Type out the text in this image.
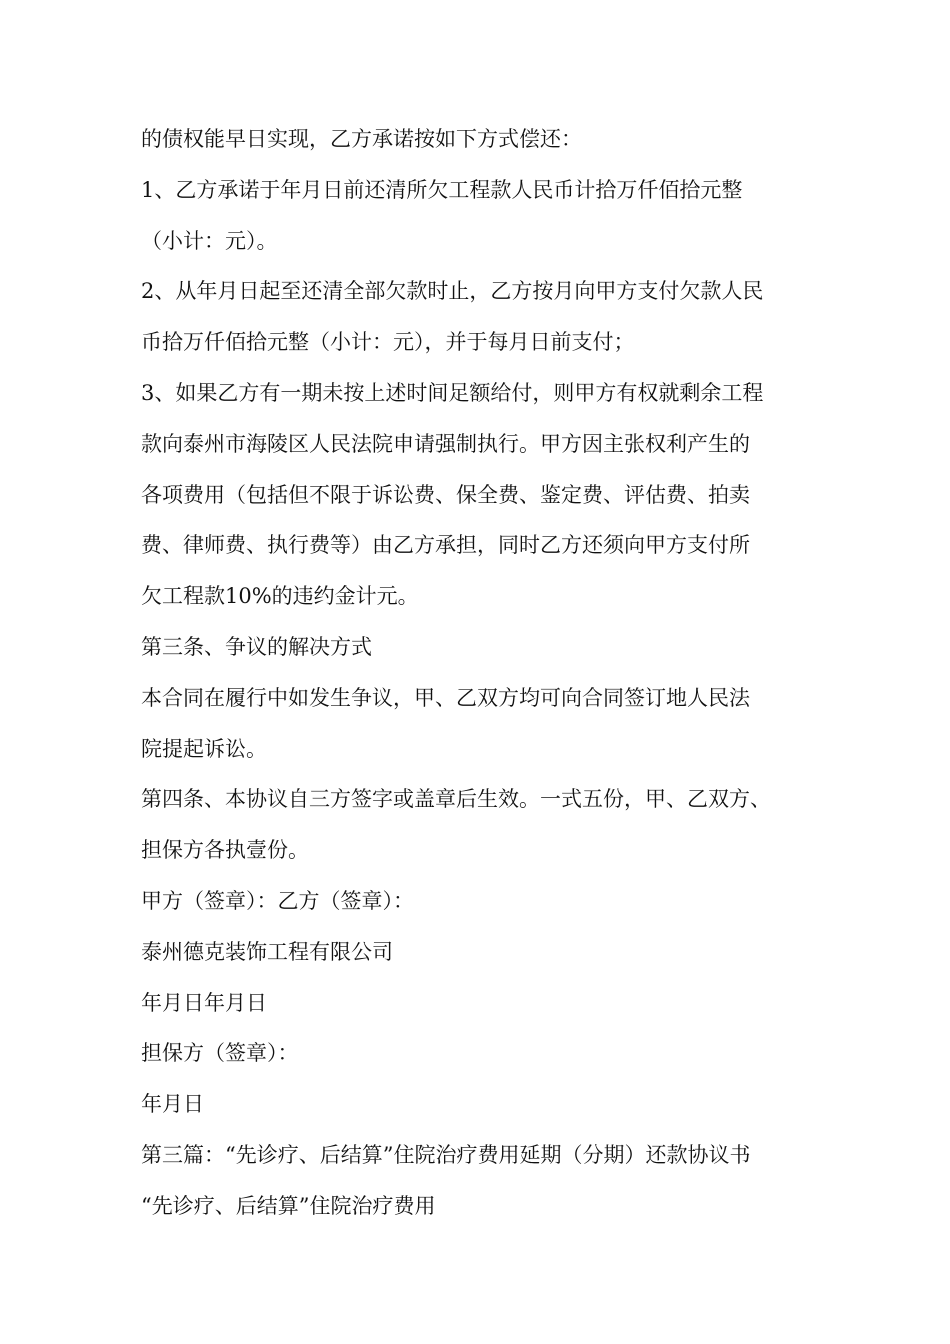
的债权能早日实现，乙方承诺按如下方式偿还：
1、乙方承诺于年月日前还清所欠工程款人民币计拾万仟佰拾元整
（小计：元）。
2、从年月日起至还清全部欠款时止，乙方按月向甲方支付欠款人民
币拾万仟佰拾元整（小计：元），并于每月日前支付；
3、如果乙方有一期未按上述时间足额给付，则甲方有权就剩余工程
款向泰州市海陵区人民法院申请强制执行。甲方因主张权利产生的
各项费用（包括但不限于诉讼费、保全费、鉴定费、评估费、拍卖
费、律师费、执行费等）由乙方承担，同时乙方还须向甲方支付所
欠工程款10%的违约金计元。
第三条、争议的解决方式
本合同在履行中如发生争议，甲、乙双方均可向合同签订地人民法
院提起诉讼。
第四条、本协议自三方签字或盖章后生效。一式五份，甲、乙双方、
担保方各执壹份。
甲方（签章）：乙方（签章）：
泰州德克装饰工程有限公司
年月日年月日
担保方（签章）：
年月日
第三篇：“先诊疗、后结算”住院治疗费用延期（分期）还款协议书
“先诊疗、后结算”住院治疗费用
